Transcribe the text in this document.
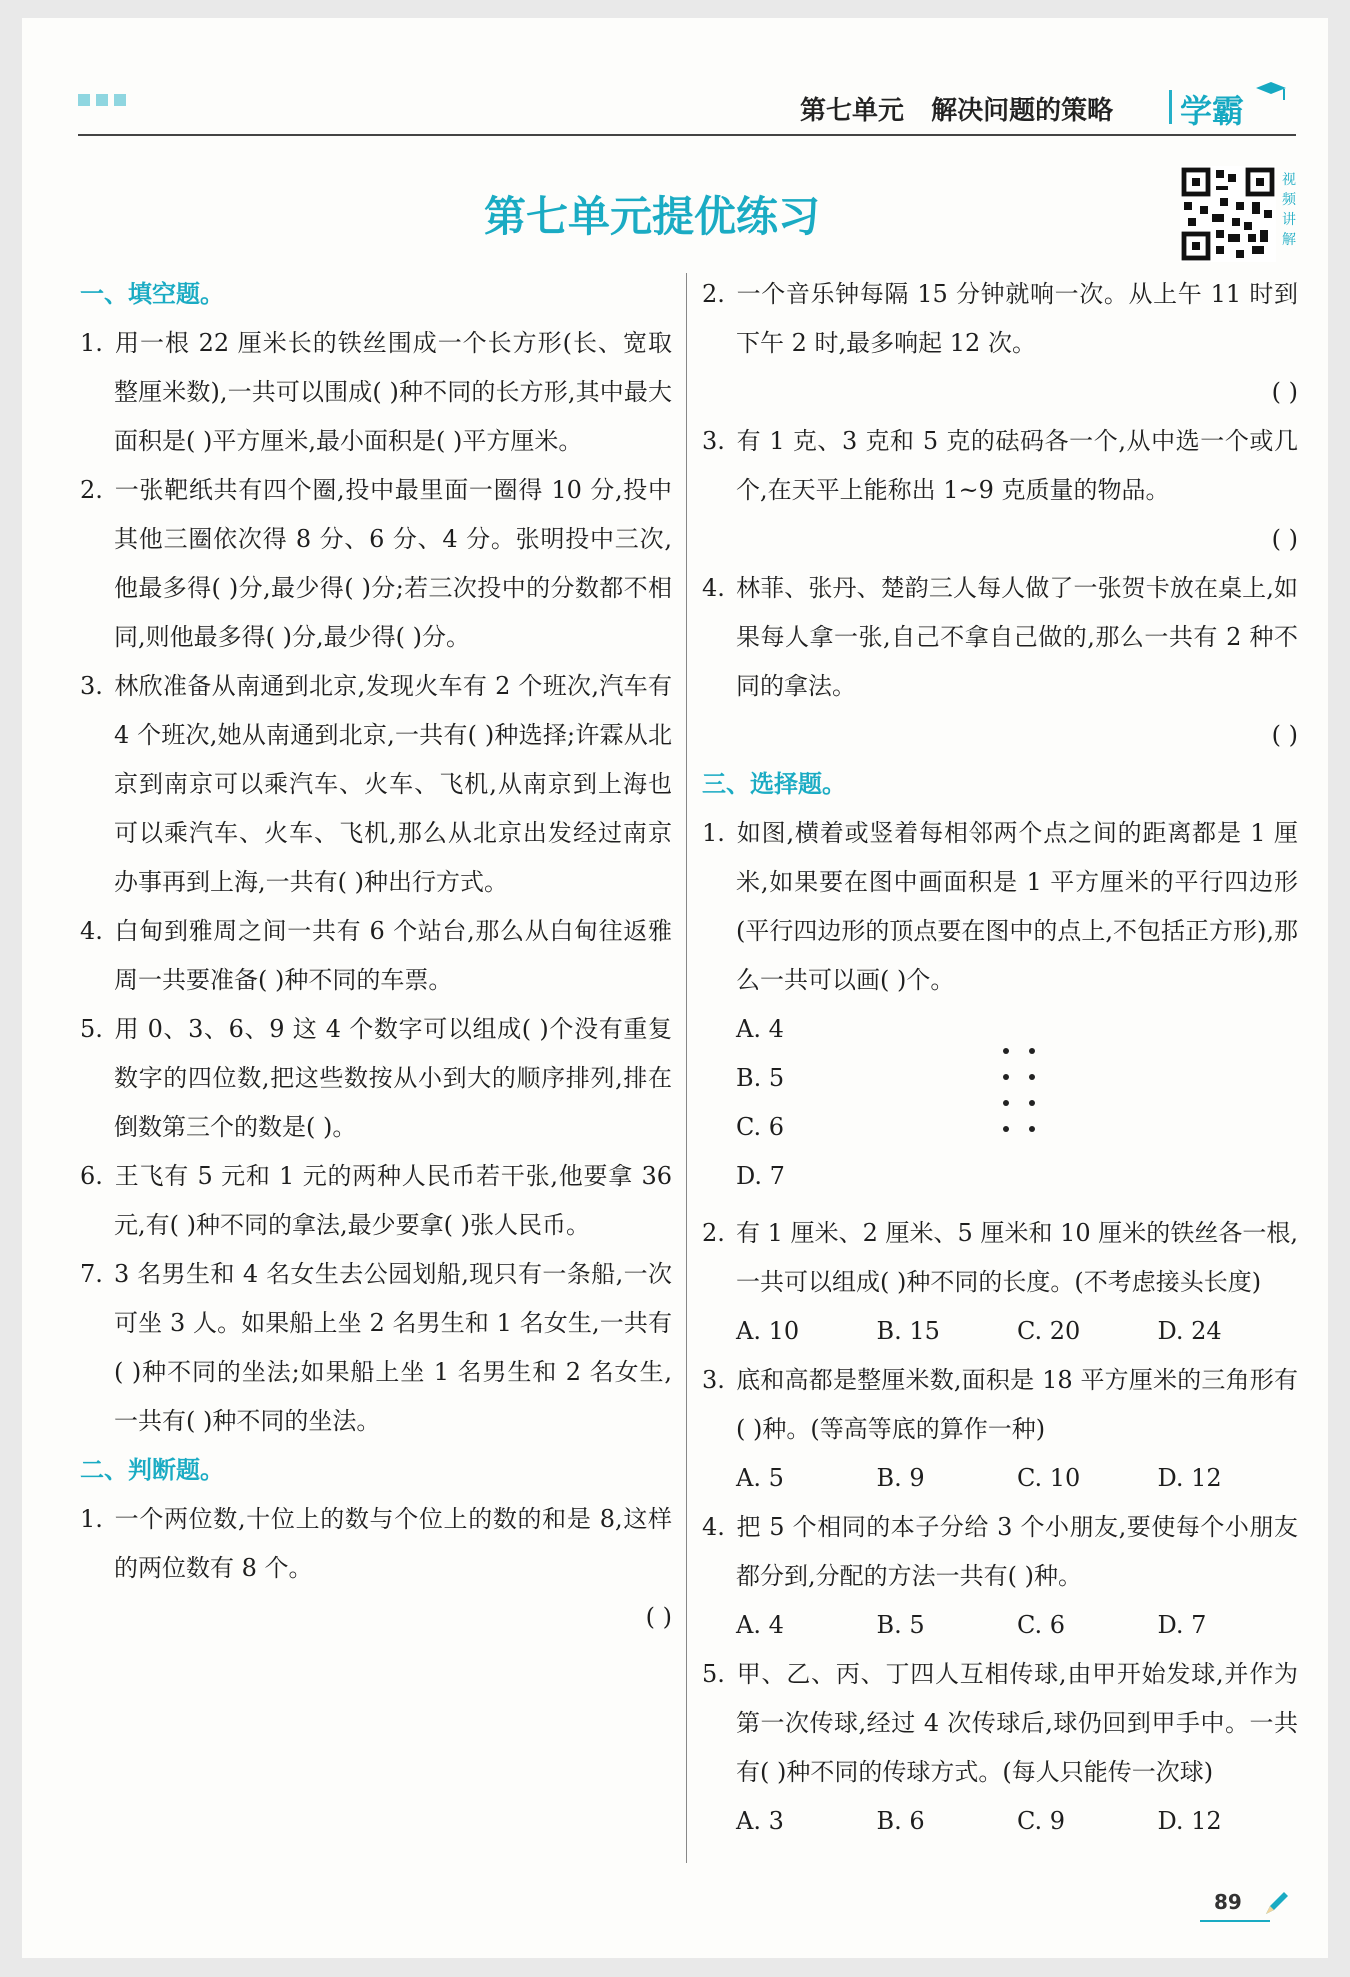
第七单元   解决问题的策略 学霸
第七单元提优练习
视频讲解

一、填空题。

1. 用一根 22 厘米长的铁丝围成一个长方形(长、宽取整厘米数),一共可以围成( )种不同的长方形,其中最大面积是( )平方厘米,最小面积是( )平方厘米。

2. 一张靶纸共有四个圈,投中最里面一圈得 10 分,投中其他三圈依次得 8 分、6 分、4 分。张明投中三次,他最多得( )分,最少得( )分;若三次投中的分数都不相同,则他最多得( )分,最少得( )分。

3. 林欣准备从南通到北京,发现火车有 2 个班次,汽车有 4 个班次,她从南通到北京,一共有( )种选择;许霖从北京到南京可以乘汽车、火车、飞机,从南京到上海也可以乘汽车、火车、飞机,那么从北京出发经过南京办事再到上海,一共有( )种出行方式。

4. 白甸到雅周之间一共有 6 个站台,那么从白甸往返雅周一共要准备( )种不同的车票。

5. 用 0、3、6、9 这 4 个数字可以组成( )个没有重复数字的四位数,把这些数按从小到大的顺序排列,排在倒数第三个的数是( )。

6. 王飞有 5 元和 1 元的两种人民币若干张,他要拿 36 元,有( )种不同的拿法,最少要拿( )张人民币。

7. 3 名男生和 4 名女生去公园划船,现只有一条船,一次可坐 3 人。如果船上坐 2 名男生和 1 名女生,一共有( )种不同的坐法;如果船上坐 1 名男生和 2 名女生,一共有( )种不同的坐法。

二、判断题。

1. 一个两位数,十位上的数与个位上的数的和是 8,这样的两位数有 8 个。
( )

2. 一个音乐钟每隔 15 分钟就响一次。从上午 11 时到下午 2 时,最多响起 12 次。
( )

3. 有 1 克、3 克和 5 克的砝码各一个,从中选一个或几个,在天平上能称出 1~9 克质量的物品。
( )

4. 林菲、张丹、楚韵三人每人做了一张贺卡放在桌上,如果每人拿一张,自己不拿自己做的,那么一共有 2 种不同的拿法。
( )

三、选择题。

1. 如图,横着或竖着每相邻两个点之间的距离都是 1 厘米,如果要在图中画面积是 1 平方厘米的平行四边形(平行四边形的顶点要在图中的点上,不包括正方形),那么一共可以画( )个。

A. 4
B. 5
C. 6
D. 7

2. 有 1 厘米、2 厘米、5 厘米和 10 厘米的铁丝各一根,一共可以组成( )种不同的长度。(不考虑接头长度)

A. 10	B. 15	C. 20	D. 24

3. 底和高都是整厘米数,面积是 18 平方厘米的三角形有( )种。(等高等底的算作一种)

A. 5	B. 9	C. 10	D. 12

4. 把 5 个相同的本子分给 3 个小朋友,要使每个小朋友都分到,分配的方法一共有( )种。

A. 4	B. 5	C. 6	D. 7

5. 甲、乙、丙、丁四人互相传球,由甲开始发球,并作为第一次传球,经过 4 次传球后,球仍回到甲手中。一共有( )种不同的传球方式。(每人只能传一次球)

A. 3	B. 6	C. 9	D. 12
89
